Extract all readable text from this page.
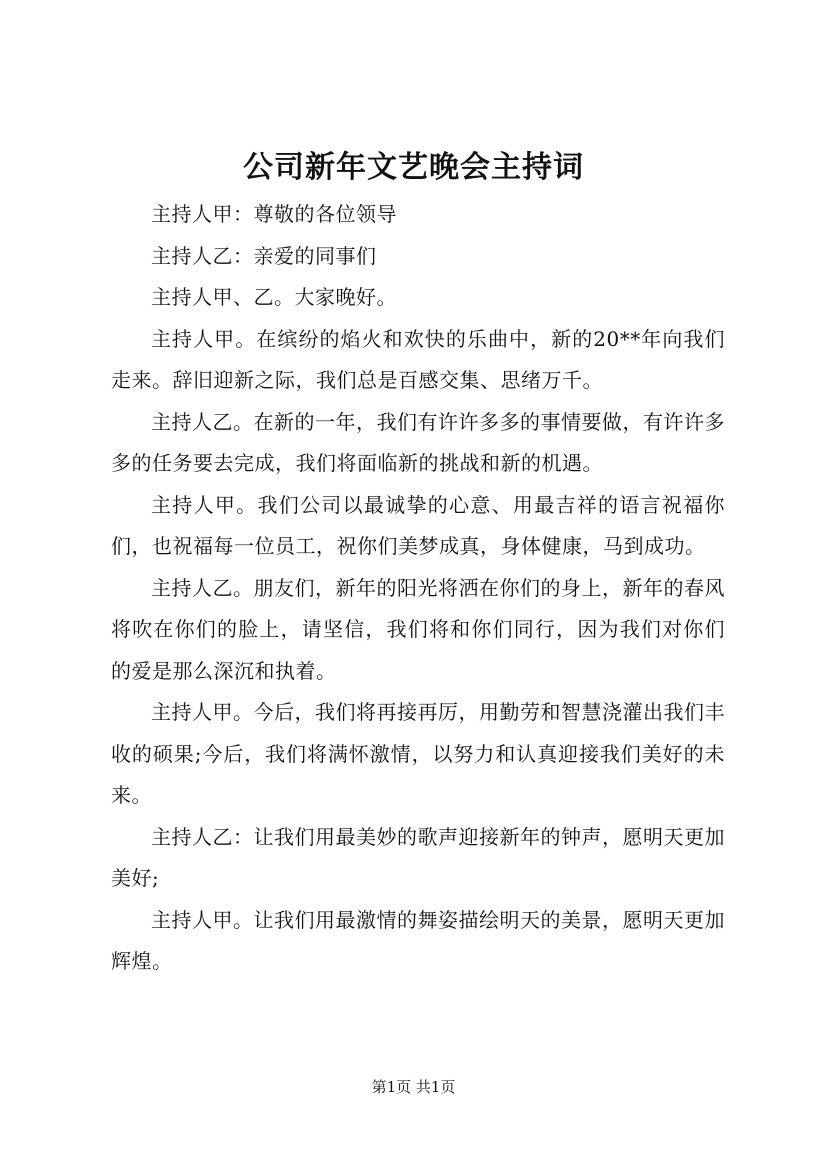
公司新年文艺晚会主持词

主持人甲：尊敬的各位领导

主持人乙：亲爱的同事们

主持人甲、乙。大家晚好。

主持人甲。在缤纷的焰火和欢快的乐曲中，新的20**年向我们走来。辞旧迎新之际，我们总是百感交集、思绪万千。

主持人乙。在新的一年，我们有许许多多的事情要做，有许许多多的任务要去完成，我们将面临新的挑战和新的机遇。

主持人甲。我们公司以最诚挚的心意、用最吉祥的语言祝福你们，也祝福每一位员工，祝你们美梦成真，身体健康，马到成功。

主持人乙。朋友们，新年的阳光将洒在你们的身上，新年的春风将吹在你们的脸上，请坚信，我们将和你们同行，因为我们对你们的爱是那么深沉和执着。

主持人甲。今后，我们将再接再厉，用勤劳和智慧浇灌出我们丰收的硕果;今后，我们将满怀激情，以努力和认真迎接我们美好的未来。

主持人乙：让我们用最美妙的歌声迎接新年的钟声，愿明天更加美好;

主持人甲。让我们用最激情的舞姿描绘明天的美景，愿明天更加辉煌。

第1页 共1页
